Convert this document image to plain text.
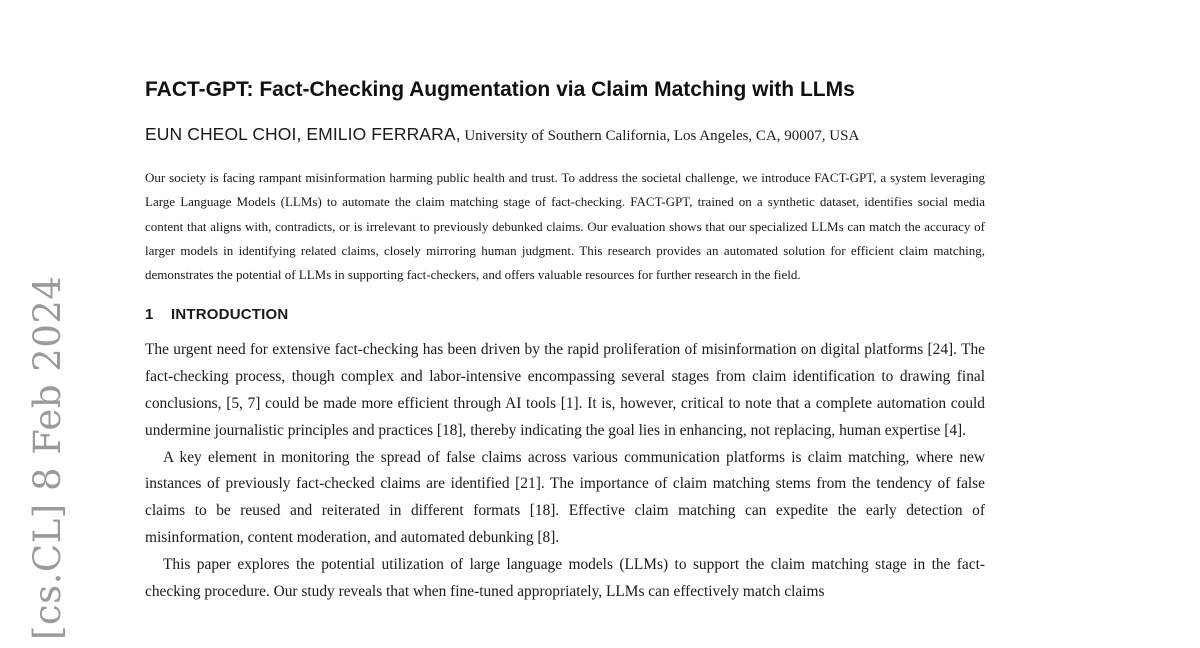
[cs.CL] 8 Feb 2024
FACT-GPT: Fact-Checking Augmentation via Claim Matching with LLMs
EUN CHEOL CHOI, EMILIO FERRARA, University of Southern California, Los Angeles, CA, 90007, USA
Our society is facing rampant misinformation harming public health and trust. To address the societal challenge, we introduce FACT-GPT, a system leveraging Large Language Models (LLMs) to automate the claim matching stage of fact-checking. FACT-GPT, trained on a synthetic dataset, identifies social media content that aligns with, contradicts, or is irrelevant to previously debunked claims. Our evaluation shows that our specialized LLMs can match the accuracy of larger models in identifying related claims, closely mirroring human judgment. This research provides an automated solution for efficient claim matching, demonstrates the potential of LLMs in supporting fact-checkers, and offers valuable resources for further research in the field.
1 INTRODUCTION

The urgent need for extensive fact-checking has been driven by the rapid proliferation of misinformation on digital platforms [24]. The fact-checking process, though complex and labor-intensive encompassing several stages from claim identification to drawing final conclusions, [5, 7] could be made more efficient through AI tools [1]. It is, however, critical to note that a complete automation could undermine journalistic principles and practices [18], thereby indicating the goal lies in enhancing, not replacing, human expertise [4].

A key element in monitoring the spread of false claims across various communication platforms is claim matching, where new instances of previously fact-checked claims are identified [21]. The importance of claim matching stems from the tendency of false claims to be reused and reiterated in different formats [18]. Effective claim matching can expedite the early detection of misinformation, content moderation, and automated debunking [8].

This paper explores the potential utilization of large language models (LLMs) to support the claim matching stage in the fact-checking procedure. Our study reveals that when fine-tuned appropriately, LLMs can effectively match claims
